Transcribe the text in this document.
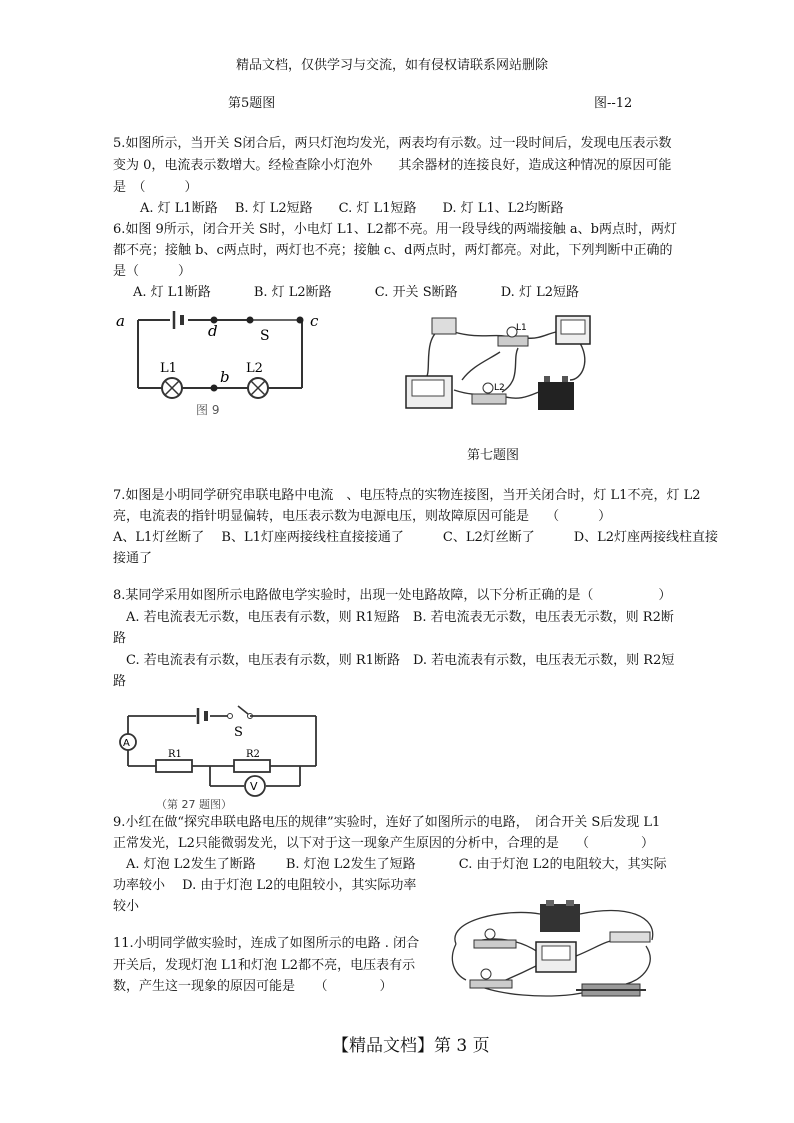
精品文档，仅供学习与交流，如有侵权请联系网站删除
第5题图	图--12
5.如图所示，当开关 S闭合后，两只灯泡均发光，两表均有示数。过一段时间后，发现电压表示数
变为 0，电流表示数增大。经检查除小灯泡外　　其余器材的连接良好，造成这种情况的原因可能
是　（　　　）
A. 灯 L1断路　 B. 灯 L2短路　　C. 灯 L1短路　　D. 灯 L1、L2均断路
6.如图 9所示，闭合开关 S时，小电灯 L1、L2都不亮。用一段导线的两端接触 a、b两点时，两灯
都不亮；接触 b、c两点时，两灯也不亮；接触 c、d两点时，两灯都亮。对此，下列判断中正确的
是（　　　）
A. 灯 L1断路　　　 B. 灯 L2断路　　　 C. 开关 S断路　　　 D. 灯 L2短路
a
d	S
c
L1	L2
b
图 9
L1
L2
第七题图
7.如图是小明同学研究串联电路中电流　、电压特点的实物连接图，当开关闭合时，灯 L1不亮，灯 L2
亮，电流表的指针明显偏转，电压表示数为电源电压，则故障原因可能是　 （　　　）
A、L1灯丝断了　 B、L1灯座两接线柱直接接通了　　　C、L2灯丝断了　　　D、L2灯座两接线柱直接
接通了
8.某同学采用如图所示电路做电学实验时，出现一处电路故障，以下分析正确的是（　　　　　）
　A. 若电流表无示数，电压表有示数，则 R1短路　B. 若电流表无示数，电压表无示数，则 R2断
路
　C. 若电流表有示数，电压表有示数，则 R1断路　D. 若电流表有示数，电压表无示数，则 R2短
路
S
A
R1	R2
V
（第 27 题图）
9.小红在做“探究串联电路电压的规律”实验时，连好了如图所示的电路，　闭合开关 S后发现 L1
正常发光，L2只能微弱发光，以下对于这一现象产生原因的分析中，合理的是　 （　　　　）
　A. 灯泡 L2发生了断路　　 B. 灯泡 L2发生了短路　　　 C. 由于灯泡 L2的电阻较大，其实际
功率较小　 D. 由于灯泡 L2的电阻较小，其实际功率
较小
11.小明同学做实验时，连成了如图所示的电路 . 闭合
开关后，发现灯泡 L1和灯泡 L2都不亮，电压表有示
数，产生这一现象的原因可能是　　（　　　　）
【精品文档】第 3 页
